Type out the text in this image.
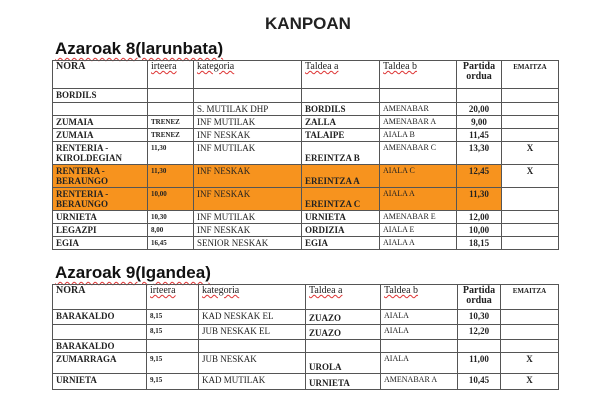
KANPOAN
Azaroak 8(larunbata)
NORA	irteera	kategoria	Taldea a	Taldea b	Partida ordua	EMAITZA
BORDILS						
		S. MUTILAK DHP	BORDILS	AMENABAR	20,00	
ZUMAIA	TRENEZ	INF MUTILAK	ZALLA	AMENABAR A	9,00	
ZUMAIA	TRENEZ	INF NESKAK	TALAIPE	AIALA B	11,45	
RENTERIA - KIROLDEGIAN	11,30	INF MUTILAK	EREINTZA B	AMENABAR C	13,30	X
RENTERA - BERAUNGO	11,30	INF NESKAK	EREINTZA A	AIALA C	12,45	X
RENTERIA - BERAUNGO	10,00	INF NESKAK	EREINTZA C	AIALA A	11,30	
URNIETA	10,30	INF MUTILAK	URNIETA	AMENABAR E	12,00	
LEGAZPI	8,00	INF NESKAK	ORDIZIA	AIALA E	10,00	
EGIA	16,45	SENIOR NESKAK	EGIA	AIALA A	18,15	
Azaroak 9(Igandea)
NORA	irteera	kategoria	Taldea a	Taldea b	Partida ordua	EMAITZA
BARAKALDO	8,15	KAD NESKAK EL	ZUAZO	AIALA	10,30	
	8,15	JUB NESKAK EL	ZUAZO	AIALA	12,20	
BARAKALDO						
ZUMARRAGA	9,15	JUB NESKAK	UROLA	AIALA	11,00	X
URNIETA	9,15	KAD MUTILAK	URNIETA	AMENABAR A	10,45	X
